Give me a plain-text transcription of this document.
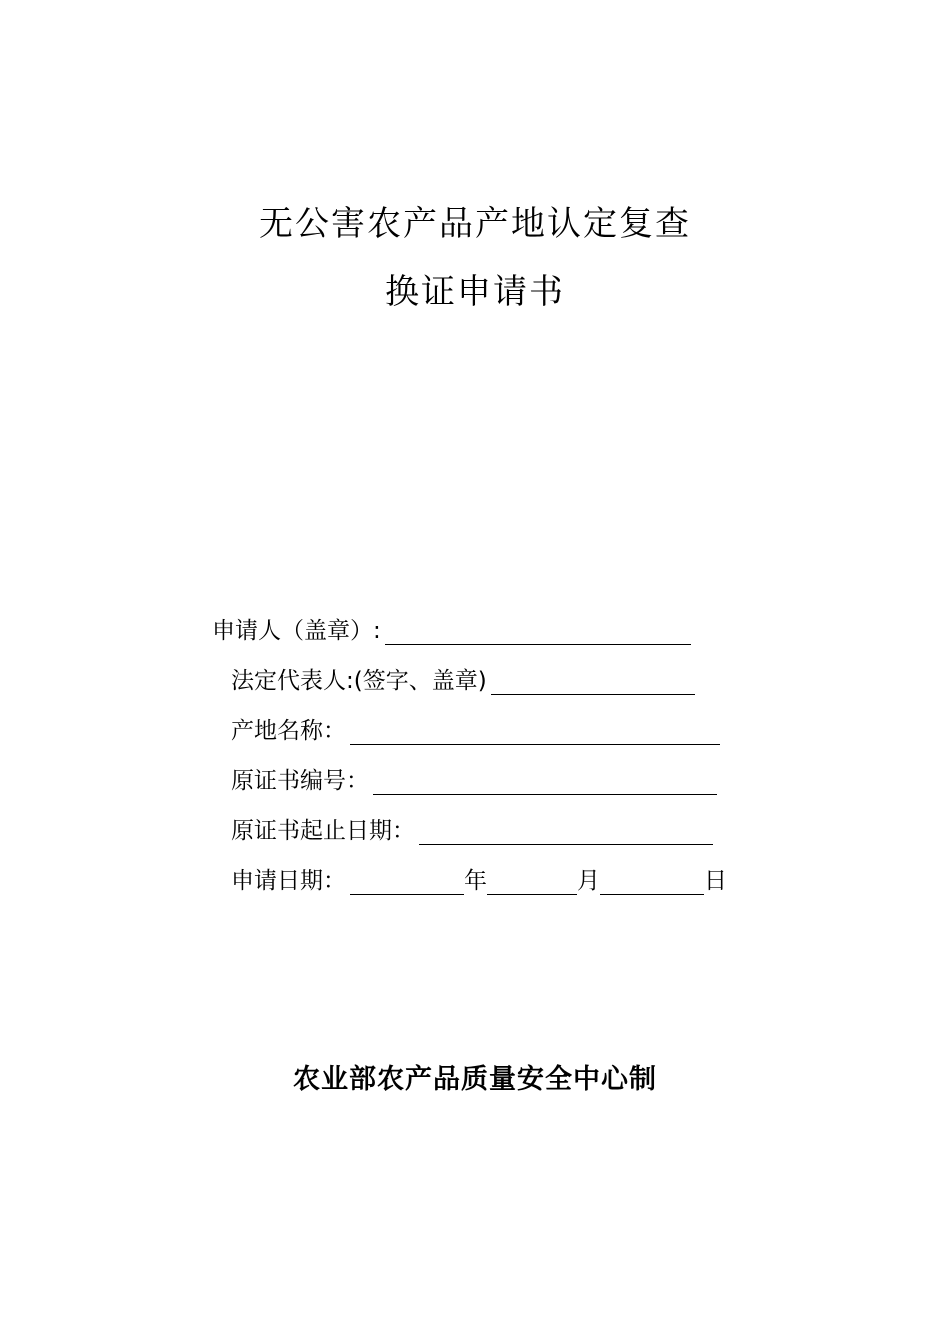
无公害农产品产地认定复查
换证申请书
申请人（盖章）:
法定代表人:(签字、盖章)
产地名称：
原证书编号：
原证书起止日期：
申请日期：	年	月	日
农业部农产品质量安全中心制
